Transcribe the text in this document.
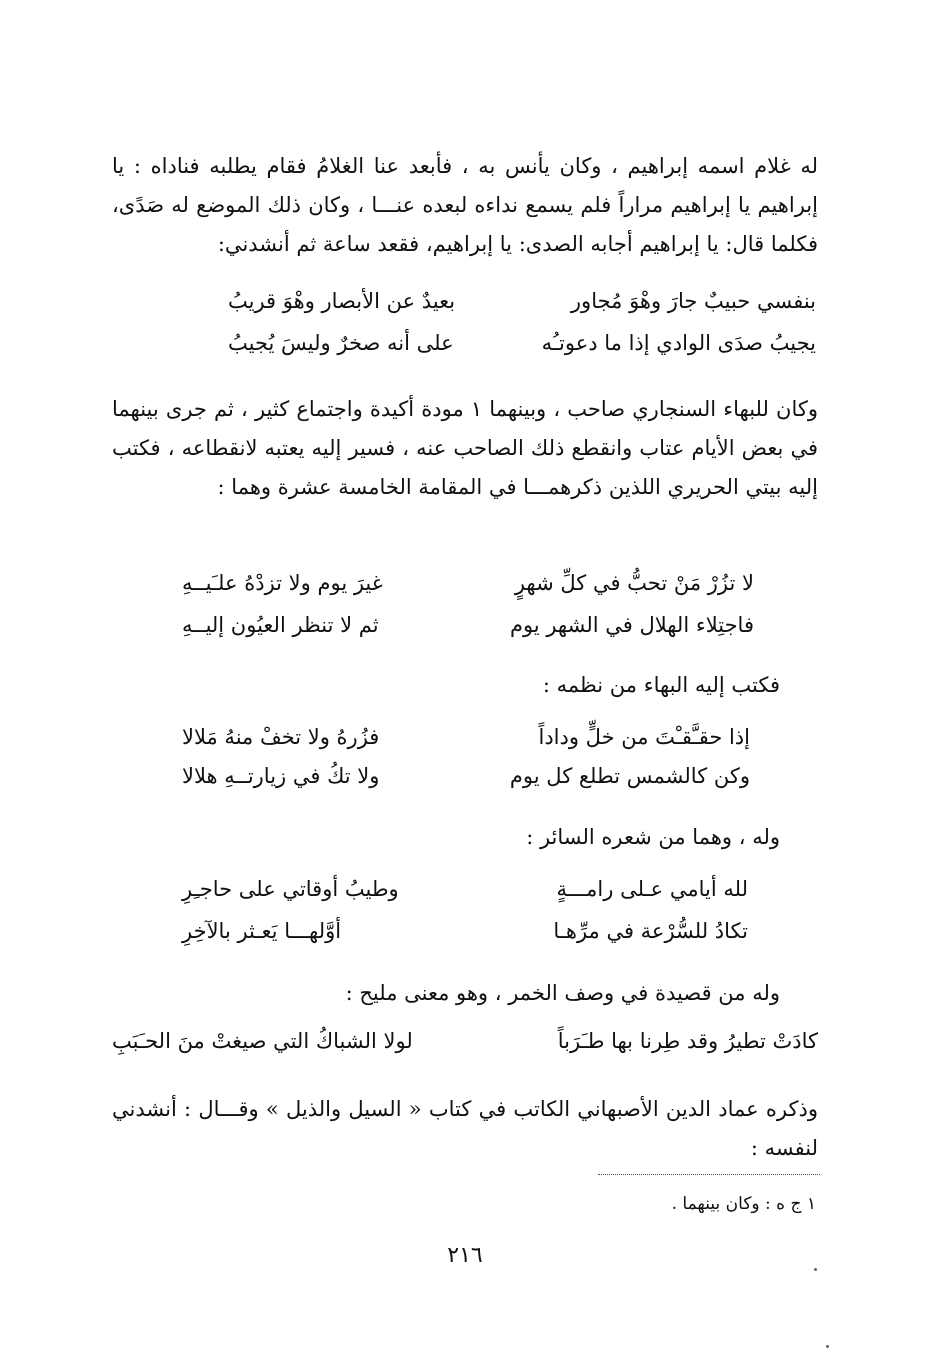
له غلام اسمه إبراهيم ، وكان يأنس به ، فأبعد عنا الغلامُ فقام يطلبه فناداه : يا إبراهيم يا إبراهيم مراراً فلم يسمع نداءه لبعده عنـــا ، وكان ذلك الموضع له صَدًى، فكلما قال: يا إبراهيم أجابه الصدى: يا إبراهيم، فقعد ساعة ثم أنشدني:

بنفسي حبيبٌ جارَ وهْوَ مُجاور
بعيدٌ عن الأبصار وهْوَ قريبُ
يجيبُ صدَى الوادي إذا ما دعوتـُه
على أنه صخرٌ وليسَ يُجيبُ

وكان للبهاء السنجاري صاحب ، وبينهما ١ مودة أكيدة واجتماع كثير ، ثم جرى بينهما في بعض الأيام عتاب وانقطع ذلك الصاحب عنه ، فسير إليه يعتبه لانقطاعه ، فكتب إليه بيتي الحريري اللذين ذكرهمـــا في المقامة الخامسة عشرة وهما :

لا تزُرْ مَنْ تحبُّ في كلِّ شهرٍ
غيرَ يوم ولا تزدْهُ علـَيــهِ
فاجتِلاء الهلال في الشهر يوم
ثم لا تنظر العيُون إليــهِ
فكتب إليه البهاء من نظمه :
إذا حقـَّقـْتَ من خلٍّ وداداً
فزُرهُ ولا تخفْ منهُ مَلالا
وكن كالشمس تطلع كل يوم
ولا تكُ في زيارتــهِ هلالا
وله ، وهما من شعره السائر :
لله أيامي عـلى رامـــةٍ
وطيبُ أوقاتي على حاجـِرِ
تكادُ للسُّرْعة في مرِّهـا
أوَّلهـــا يَعـثر بالآخِرِ
وله من قصيدة في وصف الخمر ، وهو معنى مليح :
كادَتْ تطيرُ وقد طِرنا بها طـَرَباً
لولا الشباكُ التي صيغتْ منَ الحـَبَبِ

وذكره عماد الدين الأصبهاني الكاتب في كتاب « السيل والذيل » وقـــال : أنشدني لنفسه :

١ ج ه : وكان بينهما .
٢١٦
